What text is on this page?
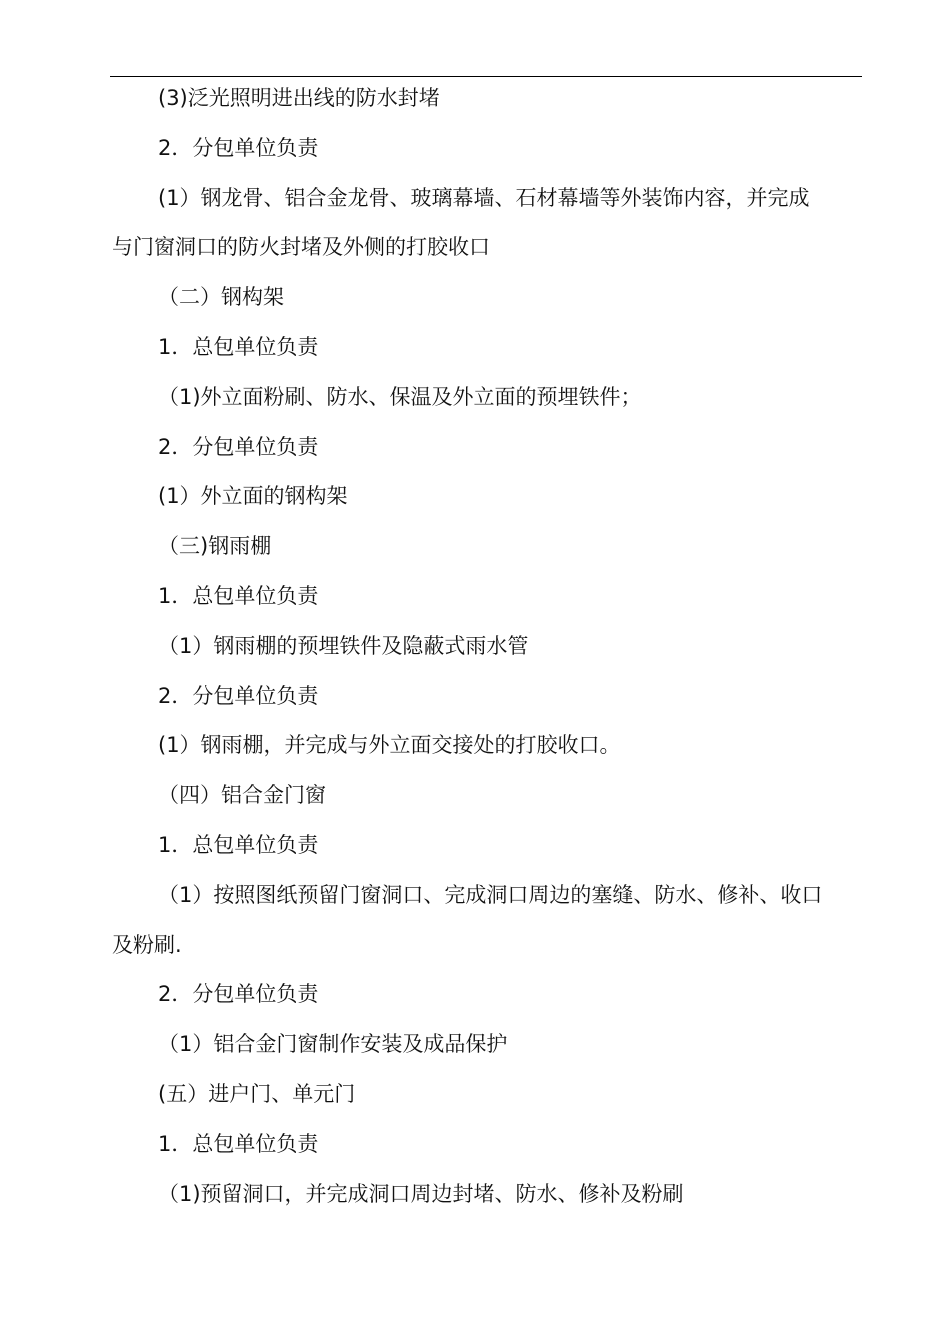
(3)泛光照明进出线的防水封堵

2．分包单位负责

(1）钢龙骨、铝合金龙骨、玻璃幕墙、石材幕墙等外装饰内容，并完成

与门窗洞口的防火封堵及外侧的打胶收口

（二）钢构架

1．总包单位负责

（1)外立面粉刷、防水、保温及外立面的预埋铁件；

2．分包单位负责

(1）外立面的钢构架

（三)钢雨棚

1．总包单位负责

（1）钢雨棚的预埋铁件及隐蔽式雨水管

2．分包单位负责

(1）钢雨棚，并完成与外立面交接处的打胶收口。

（四）铝合金门窗

1．总包单位负责

（1）按照图纸预留门窗洞口、完成洞口周边的塞缝、防水、修补、收口

及粉刷.

2．分包单位负责

（1）铝合金门窗制作安装及成品保护

(五）进户门、单元门

1．总包单位负责

（1)预留洞口，并完成洞口周边封堵、防水、修补及粉刷
